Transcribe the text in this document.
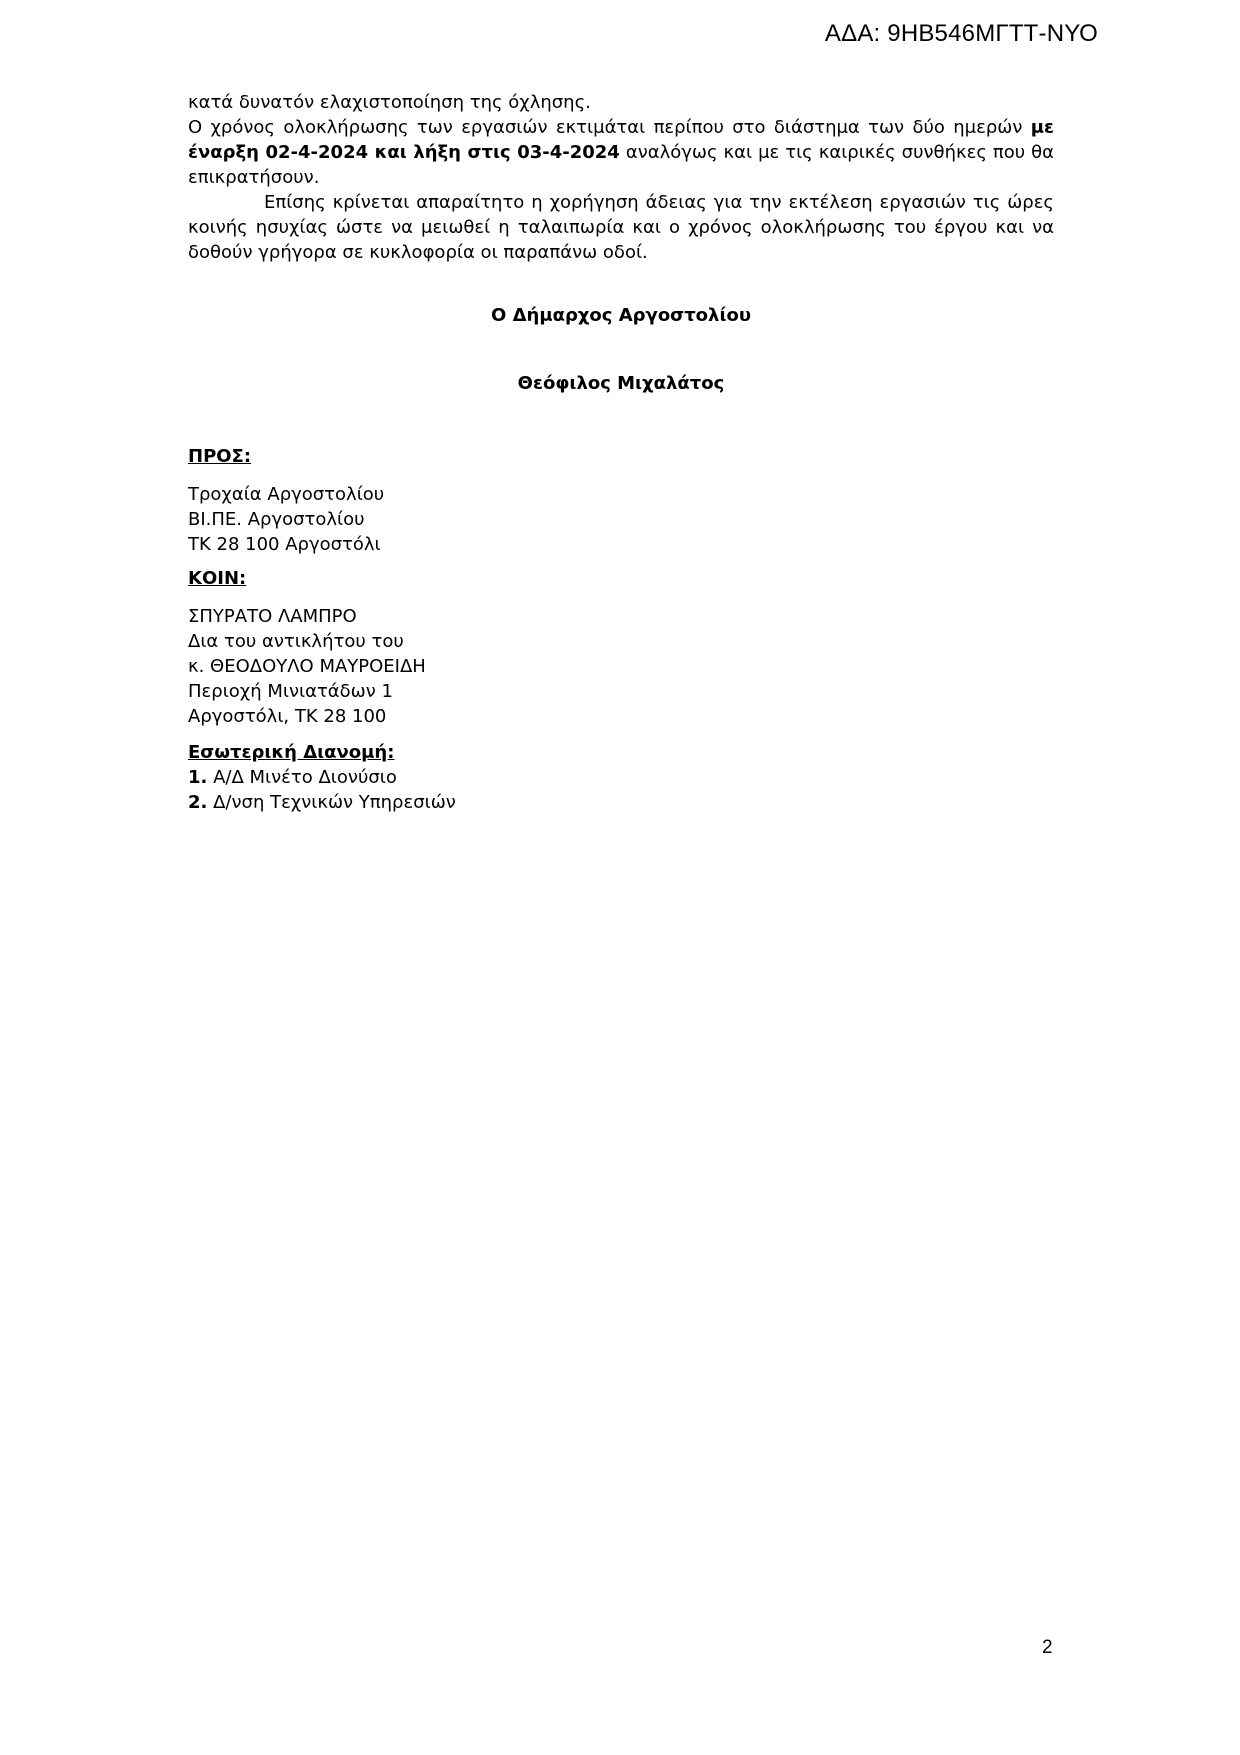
ΑΔΑ: 9ΗΒ546ΜΓΤΤ-ΝΥΟ

κατά δυνατόν ελαχιστοποίηση της όχλησης.

Ο χρόνος ολοκλήρωσης των εργασιών εκτιμάται περίπου στο διάστημα των δύο ημερών με έναρξη 02-4-2024 και λήξη στις 03-4-2024 αναλόγως και με τις καιρικές συνθήκες που θα επικρατήσουν.

Επίσης κρίνεται απαραίτητο η χορήγηση άδειας για την εκτέλεση εργασιών τις ώρες κοινής ησυχίας ώστε να μειωθεί η ταλαιπωρία και ο χρόνος ολοκλήρωσης του έργου και να δοθούν γρήγορα σε κυκλοφορία οι παραπάνω οδοί.

Ο Δήμαρχος Αργοστολίου

Θεόφιλος Μιχαλάτος

ΠΡΟΣ:

Τροχαία Αργοστολίου
ΒΙ.ΠΕ. Αργοστολίου
ΤΚ 28 100 Αργοστόλι

ΚΟΙΝ:

ΣΠΥΡΑΤΟ ΛΑΜΠΡΟ
Δια του αντικλήτου του
κ. ΘΕΟΔΟΥΛΟ ΜΑΥΡΟΕΙΔΗ
Περιοχή Μινιατάδων 1
Αργοστόλι, ΤΚ 28 100

Εσωτερική Διανομή:

1. Α/Δ Μινέτο Διονύσιο
2. Δ/νση Τεχνικών Υπηρεσιών
2
